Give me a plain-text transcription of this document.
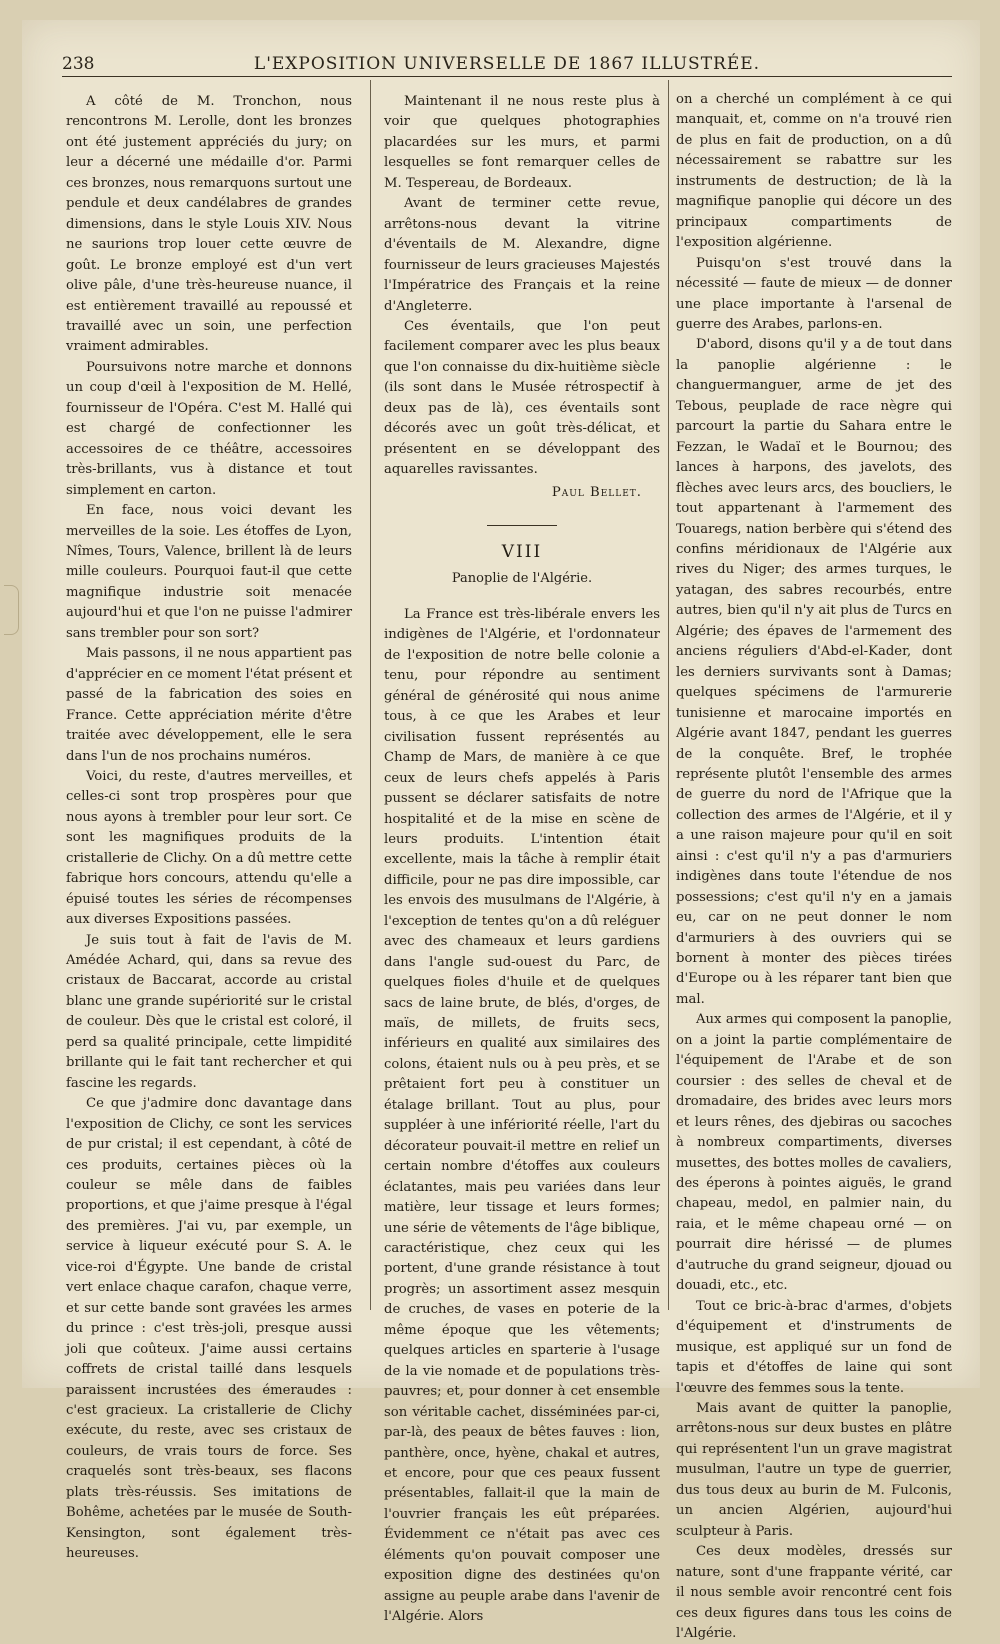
238	L'EXPOSITION UNIVERSELLE DE 1867 ILLUSTRÉE.

A côté de M. Tronchon, nous rencontrons M. Lerolle, dont les bronzes ont été justement appréciés du jury; on leur a décerné une médaille d'or. Parmi ces bronzes, nous remarquons surtout une pendule et deux candélabres de grandes dimensions, dans le style Louis XIV. Nous ne saurions trop louer cette œuvre de goût. Le bronze employé est d'un vert olive pâle, d'une très-heureuse nuance, il est entièrement travaillé au repoussé et travaillé avec un soin, une perfection vraiment admirables.

Poursuivons notre marche et donnons un coup d'œil à l'exposition de M. Hellé, fournisseur de l'Opéra. C'est M. Hallé qui est chargé de confectionner les accessoires de ce théâtre, accessoires très-brillants, vus à distance et tout simplement en carton.

En face, nous voici devant les merveilles de la soie. Les étoffes de Lyon, Nîmes, Tours, Valence, brillent là de leurs mille couleurs. Pourquoi faut-il que cette magnifique industrie soit menacée aujourd'hui et que l'on ne puisse l'admirer sans trembler pour son sort?

Mais passons, il ne nous appartient pas d'apprécier en ce moment l'état présent et passé de la fabrication des soies en France. Cette appréciation mérite d'être traitée avec développement, elle le sera dans l'un de nos prochains numéros.

Voici, du reste, d'autres merveilles, et celles-ci sont trop prospères pour que nous ayons à trembler pour leur sort. Ce sont les magnifiques produits de la cristallerie de Clichy. On a dû mettre cette fabrique hors concours, attendu qu'elle a épuisé toutes les séries de récompenses aux diverses Expositions passées.

Je suis tout à fait de l'avis de M. Amédée Achard, qui, dans sa revue des cristaux de Baccarat, accorde au cristal blanc une grande supériorité sur le cristal de couleur. Dès que le cristal est coloré, il perd sa qualité principale, cette limpidité brillante qui le fait tant rechercher et qui fascine les regards.

Ce que j'admire donc davantage dans l'exposition de Clichy, ce sont les services de pur cristal; il est cependant, à côté de ces produits, certaines pièces où la couleur se mêle dans de faibles proportions, et que j'aime presque à l'égal des premières. J'ai vu, par exemple, un service à liqueur exécuté pour S. A. le vice-roi d'Égypte. Une bande de cristal vert enlace chaque carafon, chaque verre, et sur cette bande sont gravées les armes du prince : c'est très-joli, presque aussi joli que coûteux. J'aime aussi certains coffrets de cristal taillé dans lesquels paraissent incrustées des émeraudes : c'est gracieux. La cristallerie de Clichy exécute, du reste, avec ses cristaux de couleurs, de vrais tours de force. Ses craquelés sont très-beaux, ses flacons plats très-réussis. Ses imitations de Bohême, achetées par le musée de South-Kensington, sont également très-heureuses.

Maintenant il ne nous reste plus à voir que quelques photographies placardées sur les murs, et parmi lesquelles se font remarquer celles de M. Tespereau, de Bordeaux.

Avant de terminer cette revue, arrêtons-nous devant la vitrine d'éventails de M. Alexandre, digne fournisseur de leurs gracieuses Majestés l'Impératrice des Français et la reine d'Angleterre.

Ces éventails, que l'on peut facilement comparer avec les plus beaux que l'on connaisse du dix-huitième siècle (ils sont dans le Musée rétrospectif à deux pas de là), ces éventails sont décorés avec un goût très-délicat, et présentent en se développant des aquarelles ravissantes.

Paul Bellet.
VIII
Panoplie de l'Algérie.

La France est très-libérale envers les indigènes de l'Algérie, et l'ordonnateur de l'exposition de notre belle colonie a tenu, pour répondre au sentiment général de générosité qui nous anime tous, à ce que les Arabes et leur civilisation fussent représentés au Champ de Mars, de manière à ce que ceux de leurs chefs appelés à Paris pussent se déclarer satisfaits de notre hospitalité et de la mise en scène de leurs produits. L'intention était excellente, mais la tâche à remplir était difficile, pour ne pas dire impossible, car les envois des musulmans de l'Algérie, à l'exception de tentes qu'on a dû reléguer avec des chameaux et leurs gardiens dans l'angle sud-ouest du Parc, de quelques fioles d'huile et de quelques sacs de laine brute, de blés, d'orges, de maïs, de millets, de fruits secs, inférieurs en qualité aux similaires des colons, étaient nuls ou à peu près, et se prêtaient fort peu à constituer un étalage brillant. Tout au plus, pour suppléer à une infériorité réelle, l'art du décorateur pouvait-il mettre en relief un certain nombre d'étoffes aux couleurs éclatantes, mais peu variées dans leur matière, leur tissage et leurs formes; une série de vêtements de l'âge biblique, caractéristique, chez ceux qui les portent, d'une grande résistance à tout progrès; un assortiment assez mesquin de cruches, de vases en poterie de la même époque que les vêtements; quelques articles en sparterie à l'usage de la vie nomade et de populations très-pauvres; et, pour donner à cet ensemble son véritable cachet, disséminées par-ci, par-là, des peaux de bêtes fauves : lion, panthère, once, hyène, chakal et autres, et encore, pour que ces peaux fussent présentables, fallait-il que la main de l'ouvrier français les eût préparées. Évidemment ce n'était pas avec ces éléments qu'on pouvait composer une exposition digne des destinées qu'on assigne au peuple arabe dans l'avenir de l'Algérie. Alors

on a cherché un complément à ce qui manquait, et, comme on n'a trouvé rien de plus en fait de production, on a dû nécessairement se rabattre sur les instruments de destruction; de là la magnifique panoplie qui décore un des principaux compartiments de l'exposition algérienne.

Puisqu'on s'est trouvé dans la nécessité — faute de mieux — de donner une place importante à l'arsenal de guerre des Arabes, parlons-en.

D'abord, disons qu'il y a de tout dans la panoplie algérienne : le changuermanguer, arme de jet des Tebous, peuplade de race nègre qui parcourt la partie du Sahara entre le Fezzan, le Wadaï et le Bournou; des lances à harpons, des javelots, des flèches avec leurs arcs, des boucliers, le tout appartenant à l'armement des Touaregs, nation berbère qui s'étend des confins méridionaux de l'Algérie aux rives du Niger; des armes turques, le yatagan, des sabres recourbés, entre autres, bien qu'il n'y ait plus de Turcs en Algérie; des épaves de l'armement des anciens réguliers d'Abd-el-Kader, dont les derniers survivants sont à Damas; quelques spécimens de l'armurerie tunisienne et marocaine importés en Algérie avant 1847, pendant les guerres de la conquête. Bref, le trophée représente plutôt l'ensemble des armes de guerre du nord de l'Afrique que la collection des armes de l'Algérie, et il y a une raison majeure pour qu'il en soit ainsi : c'est qu'il n'y a pas d'armuriers indigènes dans toute l'étendue de nos possessions; c'est qu'il n'y en a jamais eu, car on ne peut donner le nom d'armuriers à des ouvriers qui se bornent à monter des pièces tirées d'Europe ou à les réparer tant bien que mal.

Aux armes qui composent la panoplie, on a joint la partie complémentaire de l'équipement de l'Arabe et de son coursier : des selles de cheval et de dromadaire, des brides avec leurs mors et leurs rênes, des djebiras ou sacoches à nombreux compartiments, diverses musettes, des bottes molles de cavaliers, des éperons à pointes aiguës, le grand chapeau, medol, en palmier nain, du raia, et le même chapeau orné — on pourrait dire hérissé — de plumes d'autruche du grand seigneur, djouad ou douadi, etc., etc.

Tout ce bric-à-brac d'armes, d'objets d'équipement et d'instruments de musique, est appliqué sur un fond de tapis et d'étoffes de laine qui sont l'œuvre des femmes sous la tente.

Mais avant de quitter la panoplie, arrêtons-nous sur deux bustes en plâtre qui représentent l'un un grave magistrat musulman, l'autre un type de guerrier, dus tous deux au burin de M. Fulconis, un ancien Algérien, aujourd'hui sculpteur à Paris.

Ces deux modèles, dressés sur nature, sont d'une frappante vérité, car il nous semble avoir rencontré cent fois ces deux figures dans tous les coins de l'Algérie.
